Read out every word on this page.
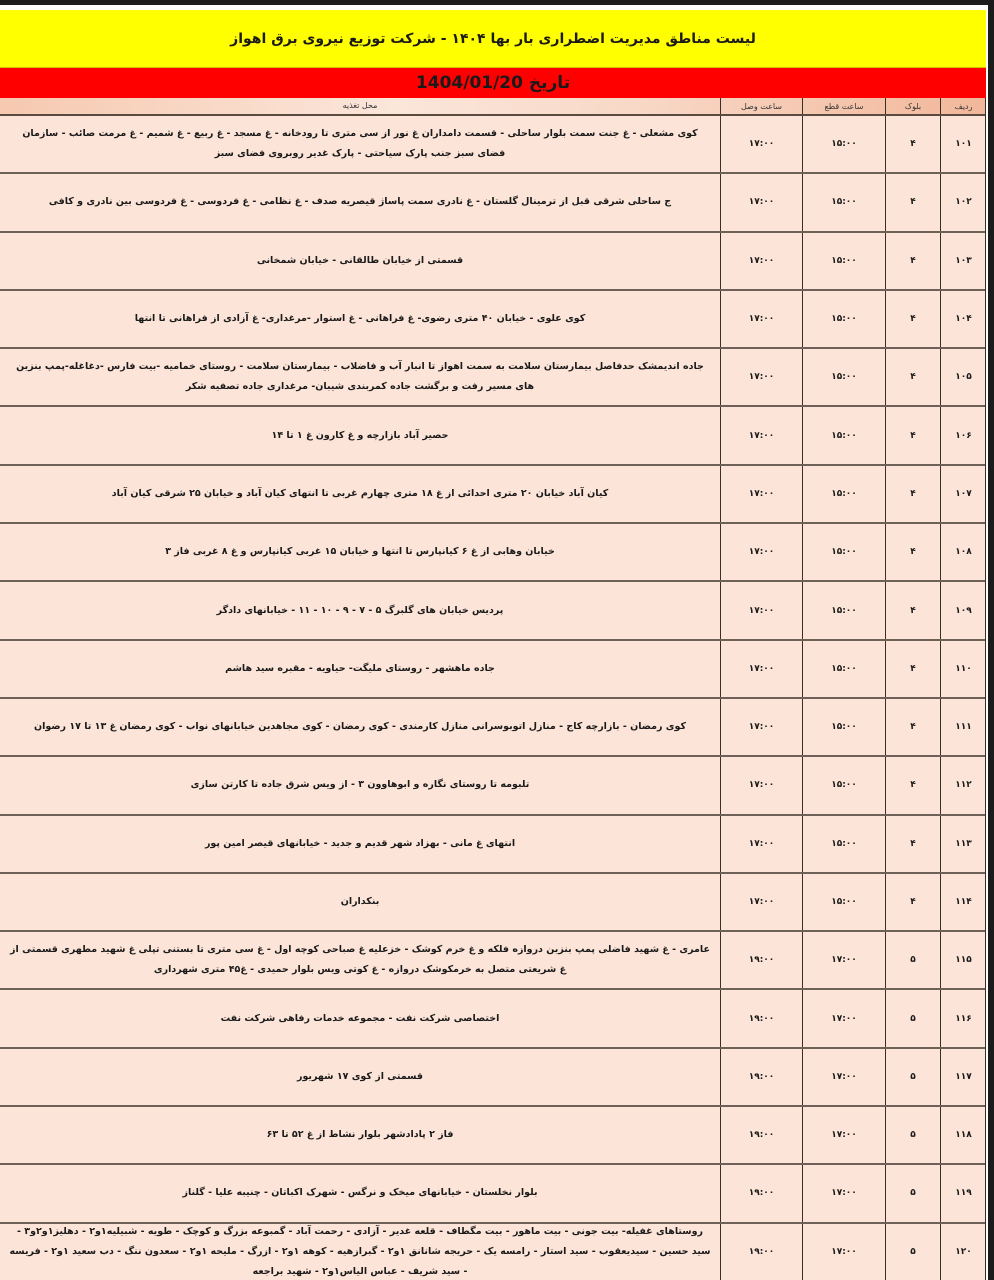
لیست مناطق مدیریت اضطراری بار بها ۱۴۰۴ - شرکت توزیع نیروی برق اهواز
تاریخ 1404/01/20
ردیف
بلوک
ساعت قطع
ساعت وصل
محل تغذیه
۱۰۱
۴
۱۵:۰۰
۱۷:۰۰
کوی مشعلی - غ جنت سمت بلوار ساحلی - قسمت دامداران غ نور از سی متری تا رودخانه - غ مسجد - غ ربیع - غ شمیم - غ مرمت صائب - سازمان فضای سبز جنب پارک سیاحتی - پارک غدیر روبروی فضای سبز
۱۰۲
۴
۱۵:۰۰
۱۷:۰۰
ج ساحلی شرقی قبل از ترمینال گلستان - غ نادری سمت پاساژ قیصریه صدف - غ نظامی - غ فردوسی - غ فردوسی بین نادری و کافی
۱۰۳
۴
۱۵:۰۰
۱۷:۰۰
قسمتی از خیابان طالقانی - خیابان شمخانی
۱۰۴
۴
۱۵:۰۰
۱۷:۰۰
کوی علوی - خیابان ۴۰ متری رضوی- غ فراهانی - غ استوار -مرغداری- غ آزادی از فراهانی تا انتها
۱۰۵
۴
۱۵:۰۰
۱۷:۰۰
جاده اندیمشک حدفاصل بیمارستان سلامت به سمت اهواز تا انبار آب و فاضلاب - بیمارستان سلامت - روستای خمامیه -بیت فارس -دغاغله-پمپ بنزین های مسیر رفت و برگشت جاده کمربندی شیبان- مرغداری جاده تصفیه شکر
۱۰۶
۴
۱۵:۰۰
۱۷:۰۰
حصیر آباد بازارچه و غ کارون غ ۱ تا ۱۴
۱۰۷
۴
۱۵:۰۰
۱۷:۰۰
کیان آباد خیابان ۲۰ متری احدائی از غ ۱۸ متری چهارم غربی تا انتهای کیان آباد و خیابان ۲۵ شرقی کیان آباد
۱۰۸
۴
۱۵:۰۰
۱۷:۰۰
خیابان وهابی از غ ۶ کیانپارس تا انتها و خیابان ۱۵ غربی کیانپارس و غ ۸ غربی فاز ۳
۱۰۹
۴
۱۵:۰۰
۱۷:۰۰
پردیس خیابان های گلبرگ ۵ - ۷ - ۹ - ۱۰ - ۱۱ - خیابانهای دادگر
۱۱۰
۴
۱۵:۰۰
۱۷:۰۰
جاده ماهشهر - روستای ملیگت- حیاویه - مقبره سید هاشم
۱۱۱
۴
۱۵:۰۰
۱۷:۰۰
کوی رمضان - بازارچه کاج - منازل اتوبوسرانی منازل کارمندی - کوی رمضان - کوی مجاهدین خیابانهای نواب - کوی رمضان غ ۱۳ تا ۱۷ رضوان
۱۱۲
۴
۱۵:۰۰
۱۷:۰۰
تلبومه تا روستای نگاره و ابوهاوون ۳ - از ویس شرق جاده تا کارتن سازی
۱۱۳
۴
۱۵:۰۰
۱۷:۰۰
انتهای غ مانی - بهزاد شهر قدیم و جدید - خیابانهای قیصر امین پور
۱۱۴
۴
۱۵:۰۰
۱۷:۰۰
بنکداران
۱۱۵
۵
۱۷:۰۰
۱۹:۰۰
عامری - غ شهید فاضلی پمپ بنزین دروازه فلکه و غ خرم کوشک - خزعلیه غ صباحی کوچه اول - غ سی متری تا بستنی تپلی غ شهید مطهری قسمتی از غ شریعتی متصل به خرمکوشک دروازه - غ کوتی ویس بلوار حمیدی - غ۴۵ متری شهرداری
۱۱۶
۵
۱۷:۰۰
۱۹:۰۰
اختصاصی شرکت نفت - مجموعه خدمات رفاهی شرکت نفت
۱۱۷
۵
۱۷:۰۰
۱۹:۰۰
قسمتی از کوی ۱۷ شهریور
۱۱۸
۵
۱۷:۰۰
۱۹:۰۰
فاز ۲ پادادشهر بلوار نشاط از غ ۵۲ تا ۶۳
۱۱۹
۵
۱۷:۰۰
۱۹:۰۰
بلوار نخلستان - خیابانهای میخک و نرگس - شهرک اکباتان - چنیبه علیا - گلناز
۱۲۰
۵
۱۷:۰۰
۱۹:۰۰
روستاهای غفیله- بیت جونی - بیت ماهور - بیت مگطاف - قلعه غدیر - آزادی - رحمت آباد - گمبوعه بزرگ و کوچک - طویه - شبیلیه۱و۲ - دهلیز۱و۲و۳ - سید حسین - سیدیعقوب - سید استار - رامسه یک - حریجه شانانق ۱و۲ - گبرازهیه - کوهه ۱و۲ - ازرگ - ملیحه ۱و۲ - سعدون ننگ - دب سعید ۱و۲ - فریسه - سید شریف - عباس الیاس۱و۲ - شهید براجعه
